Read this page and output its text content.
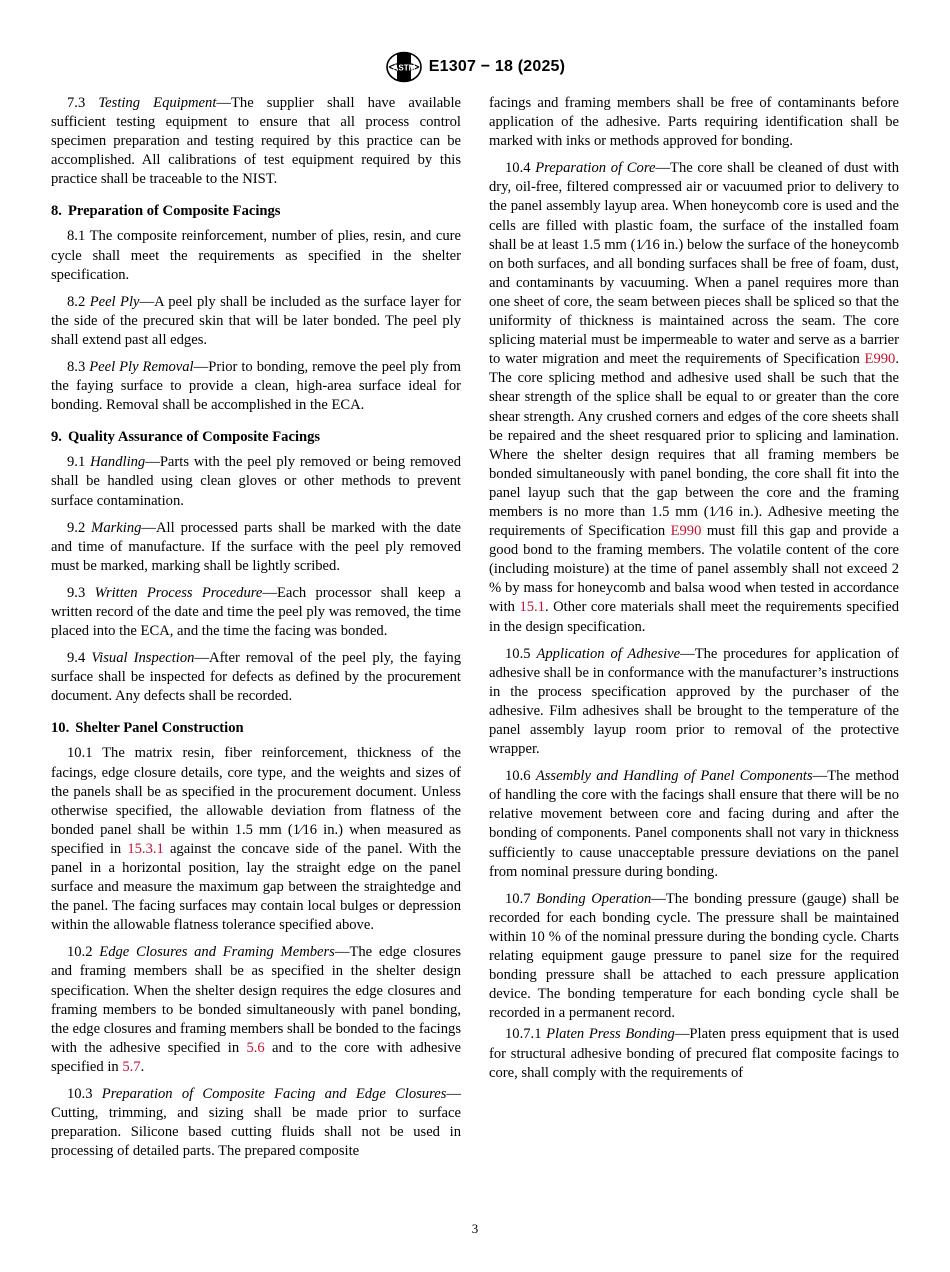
ASTM E1307 − 18 (2025)

7.3 Testing Equipment—The supplier shall have available sufficient testing equipment to ensure that all process control specimen preparation and testing required by this practice can be accomplished. All calibrations of test equipment required by this practice shall be traceable to the NIST.

8. Preparation of Composite Facings

8.1 The composite reinforcement, number of plies, resin, and cure cycle shall meet the requirements as specified in the shelter specification.

8.2 Peel Ply—A peel ply shall be included as the surface layer for the side of the precured skin that will be later bonded. The peel ply shall extend past all edges.

8.3 Peel Ply Removal—Prior to bonding, remove the peel ply from the faying surface to provide a clean, high-area surface ideal for bonding. Removal shall be accomplished in the ECA.

9. Quality Assurance of Composite Facings

9.1 Handling—Parts with the peel ply removed or being removed shall be handled using clean gloves or other methods to prevent surface contamination.

9.2 Marking—All processed parts shall be marked with the date and time of manufacture. If the surface with the peel ply removed must be marked, marking shall be lightly scribed.

9.3 Written Process Procedure—Each processor shall keep a written record of the date and time the peel ply was removed, the time placed into the ECA, and the time the facing was bonded.

9.4 Visual Inspection—After removal of the peel ply, the faying surface shall be inspected for defects as defined by the procurement document. Any defects shall be recorded.

10. Shelter Panel Construction

10.1 The matrix resin, fiber reinforcement, thickness of the facings, edge closure details, core type, and the weights and sizes of the panels shall be as specified in the procurement document. Unless otherwise specified, the allowable deviation from flatness of the bonded panel shall be within 1.5 mm (1⁄16 in.) when measured as specified in 15.3.1 against the concave side of the panel. With the panel in a horizontal position, lay the straight edge on the panel surface and measure the maximum gap between the straightedge and the panel. The facing surfaces may contain local bulges or depression within the allowable flatness tolerance specified above.

10.2 Edge Closures and Framing Members—The edge closures and framing members shall be as specified in the shelter design specification. When the shelter design requires the edge closures and framing members to be bonded simultaneously with panel bonding, the edge closures and framing members shall be bonded to the facings with the adhesive specified in 5.6 and to the core with adhesive specified in 5.7.

10.3 Preparation of Composite Facing and Edge Closures—Cutting, trimming, and sizing shall be made prior to surface preparation. Silicone based cutting fluids shall not be used in processing of detailed parts. The prepared composite

facings and framing members shall be free of contaminants before application of the adhesive. Parts requiring identification shall be marked with inks or methods approved for bonding.

10.4 Preparation of Core—The core shall be cleaned of dust with dry, oil-free, filtered compressed air or vacuumed prior to delivery to the panel assembly layup area. When honeycomb core is used and the cells are filled with plastic foam, the surface of the installed foam shall be at least 1.5 mm (1⁄16 in.) below the surface of the honeycomb on both surfaces, and all bonding surfaces shall be free of foam, dust, and contaminants by vacuuming. When a panel requires more than one sheet of core, the seam between pieces shall be spliced so that the uniformity of thickness is maintained across the seam. The core splicing material must be impermeable to water and serve as a barrier to water migration and meet the requirements of Specification E990. The core splicing method and adhesive used shall be such that the shear strength of the splice shall be equal to or greater than the core shear strength. Any crushed corners and edges of the core sheets shall be repaired and the sheet resquared prior to splicing and lamination. Where the shelter design requires that all framing members be bonded simultaneously with panel bonding, the core shall fit into the panel layup such that the gap between the core and the framing members is no more than 1.5 mm (1⁄16 in.). Adhesive meeting the requirements of Specification E990 must fill this gap and provide a good bond to the framing members. The volatile content of the core (including moisture) at the time of panel assembly shall not exceed 2 % by mass for honeycomb and balsa wood when tested in accordance with 15.1. Other core materials shall meet the requirements specified in the design specification.

10.5 Application of Adhesive—The procedures for application of adhesive shall be in conformance with the manufacturer’s instructions in the process specification approved by the purchaser of the adhesive. Film adhesives shall be brought to the temperature of the panel assembly layup room prior to removal of the protective wrapper.

10.6 Assembly and Handling of Panel Components—The method of handling the core with the facings shall ensure that there will be no relative movement between core and facing during and after the bonding of components. Panel components shall not vary in thickness sufficiently to cause unacceptable pressure deviations on the panel from nominal pressure during bonding.

10.7 Bonding Operation—The bonding pressure (gauge) shall be recorded for each bonding cycle. The pressure shall be maintained within 10 % of the nominal pressure during the bonding cycle. Charts relating equipment gauge pressure to panel size for the required bonding pressure shall be attached to each pressure application device. The bonding temperature for each bonding cycle shall be recorded in a permanent record.

10.7.1 Platen Press Bonding—Platen press equipment that is used for structural adhesive bonding of precured flat composite facings to core, shall comply with the requirements of

3
